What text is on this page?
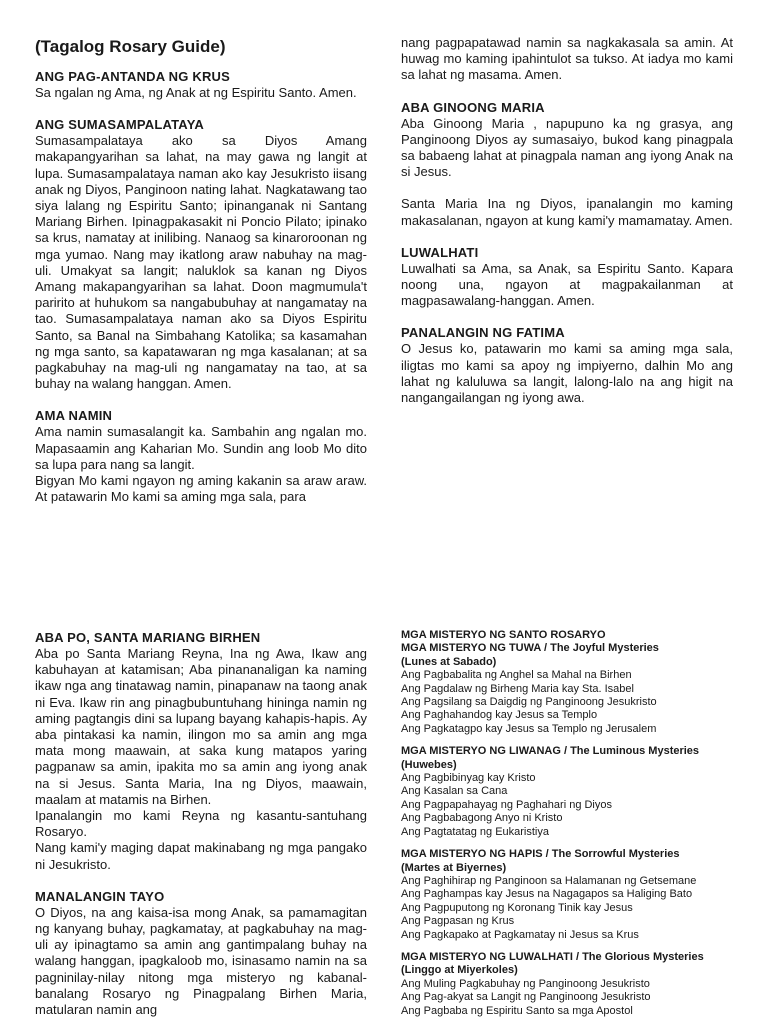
(Tagalog Rosary Guide)
ANG PAG-ANTANDA NG KRUS

Sa ngalan ng Ama, ng Anak at ng Espiritu Santo. Amen.

ANG SUMASAMPALATAYA

Sumasampalataya ako sa Diyos Amang makapangyarihan sa lahat, na may gawa ng langit at lupa. Sumasampalataya naman ako kay Jesukristo iisang anak ng Diyos, Panginoon nating lahat. Nagkatawang tao siya lalang ng Espiritu Santo; ipinanganak ni Santang Mariang Birhen. Ipinagpakasakit ni Poncio Pilato; ipinako sa krus, namatay at inilibing. Nanaog sa kinaroroonan ng mga yumao. Nang may ikatlong araw nabuhay na mag-uli. Umakyat sa langit; naluklok sa kanan ng Diyos Amang makapangyarihan sa lahat. Doon magmumula't paririto at huhukom sa nangabubuhay at nangamatay na tao. Sumasampalataya naman ako sa Diyos Espiritu Santo, sa Banal na Simbahang Katolika; sa kasamahan ng mga santo, sa kapatawaran ng mga kasalanan; at sa pagkabuhay na mag-uli ng nangamatay na tao, at sa buhay na walang hanggan. Amen.

AMA NAMIN

Ama namin sumasalangit ka. Sambahin ang ngalan mo. Mapasaamin ang Kaharian Mo. Sundin ang loob Mo dito sa lupa para nang sa langit.

Bigyan Mo kami ngayon ng aming kakanin sa araw araw. At patawarin Mo kami sa aming mga sala, para

nang pagpapatawad namin sa nagkakasala sa amin. At huwag mo kaming ipahintulot sa tukso. At iadya mo kami sa lahat ng masama. Amen.

ABA GINOONG MARIA

Aba Ginoong Maria , napupuno ka ng grasya, ang Panginoong Diyos ay sumasaiyo, bukod kang pinagpala sa babaeng lahat at pinagpala naman ang iyong Anak na si Jesus.

Santa Maria Ina ng Diyos, ipanalangin mo kaming makasalanan, ngayon at kung kami'y mamamatay. Amen.

LUWALHATI

Luwalhati sa Ama, sa Anak, sa Espiritu Santo. Kapara noong una, ngayon at magpakailanman at magpasawalang-hanggan. Amen.

PANALANGIN NG FATIMA

O Jesus ko, patawarin mo kami sa aming mga sala, iligtas mo kami sa apoy ng impiyerno, dalhin Mo ang lahat ng kaluluwa sa langit, lalong-lalo na ang higit na nangangailangan ng iyong awa.

ABA PO, SANTA MARIANG BIRHEN

Aba po Santa Mariang Reyna, Ina ng Awa, Ikaw ang kabuhayan at katamisan; Aba pinananaligan ka naming ikaw nga ang tinatawag namin, pinapanaw na taong anak ni Eva. Ikaw rin ang pinagbubuntuhang hininga namin ng aming pagtangis dini sa lupang bayang kahapis-hapis. Ay aba pintakasi ka namin, ilingon mo sa amin ang mga mata mong maawain, at saka kung matapos yaring pagpanaw sa amin, ipakita mo sa amin ang iyong anak na si Jesus. Santa Maria, Ina ng Diyos, maawain, maalam at matamis na Birhen.

Ipanalangin mo kami Reyna ng kasantu-santuhang Rosaryo.

Nang kami'y maging dapat makinabang ng mga pangako ni Jesukristo.

MANALANGIN TAYO

O Diyos, na ang kaisa-isa mong Anak, sa pamamagitan ng kanyang buhay, pagkamatay, at pagkabuhay na mag-uli ay ipinagtamo sa amin ang gantimpalang buhay na walang hanggan, ipagkaloob mo, isinasamo namin na sa pagninilay-nilay nitong mga misteryo ng kabanal-banalang Rosaryo ng Pinagpalang Birhen Maria, matularan namin ang

MGA MISTERYO NG SANTO ROSARYO
MGA MISTERYO NG TUWA / The Joyful Mysteries
(Lunes at Sabado)
Ang Pagbabalita ng Anghel sa Mahal na Birhen
Ang Pagdalaw ng Birheng Maria kay Sta. Isabel
Ang Pagsilang sa Daigdig ng Panginoong Jesukristo
Ang Paghahandog kay Jesus sa Templo
Ang Pagkatagpo kay Jesus sa Templo ng Jerusalem
MGA MISTERYO NG LIWANAG / The Luminous Mysteries
(Huwebes)
Ang Pagbibinyag kay Kristo
Ang Kasalan sa Cana
Ang Pagpapahayag ng Paghahari ng Diyos
Ang Pagbabagong Anyo ni Kristo
Ang Pagtatatag ng Eukaristiya
MGA MISTERYO NG HAPIS / The Sorrowful Mysteries
(Martes at Biyernes)
Ang Paghihirap ng Panginoon sa Halamanan ng Getsemane
Ang Paghampas kay Jesus na Nagagapos sa Haliging Bato
Ang Pagpuputong ng Koronang Tinik kay Jesus
Ang Pagpasan ng Krus
Ang Pagkapako at Pagkamatay ni Jesus sa Krus
MGA MISTERYO NG LUWALHATI / The Glorious Mysteries
(Linggo at Miyerkoles)
Ang Muling Pagkabuhay ng Panginoong Jesukristo
Ang Pag-akyat sa Langit ng Panginoong Jesukristo
Ang Pagbaba ng Espiritu Santo sa mga Apostol
